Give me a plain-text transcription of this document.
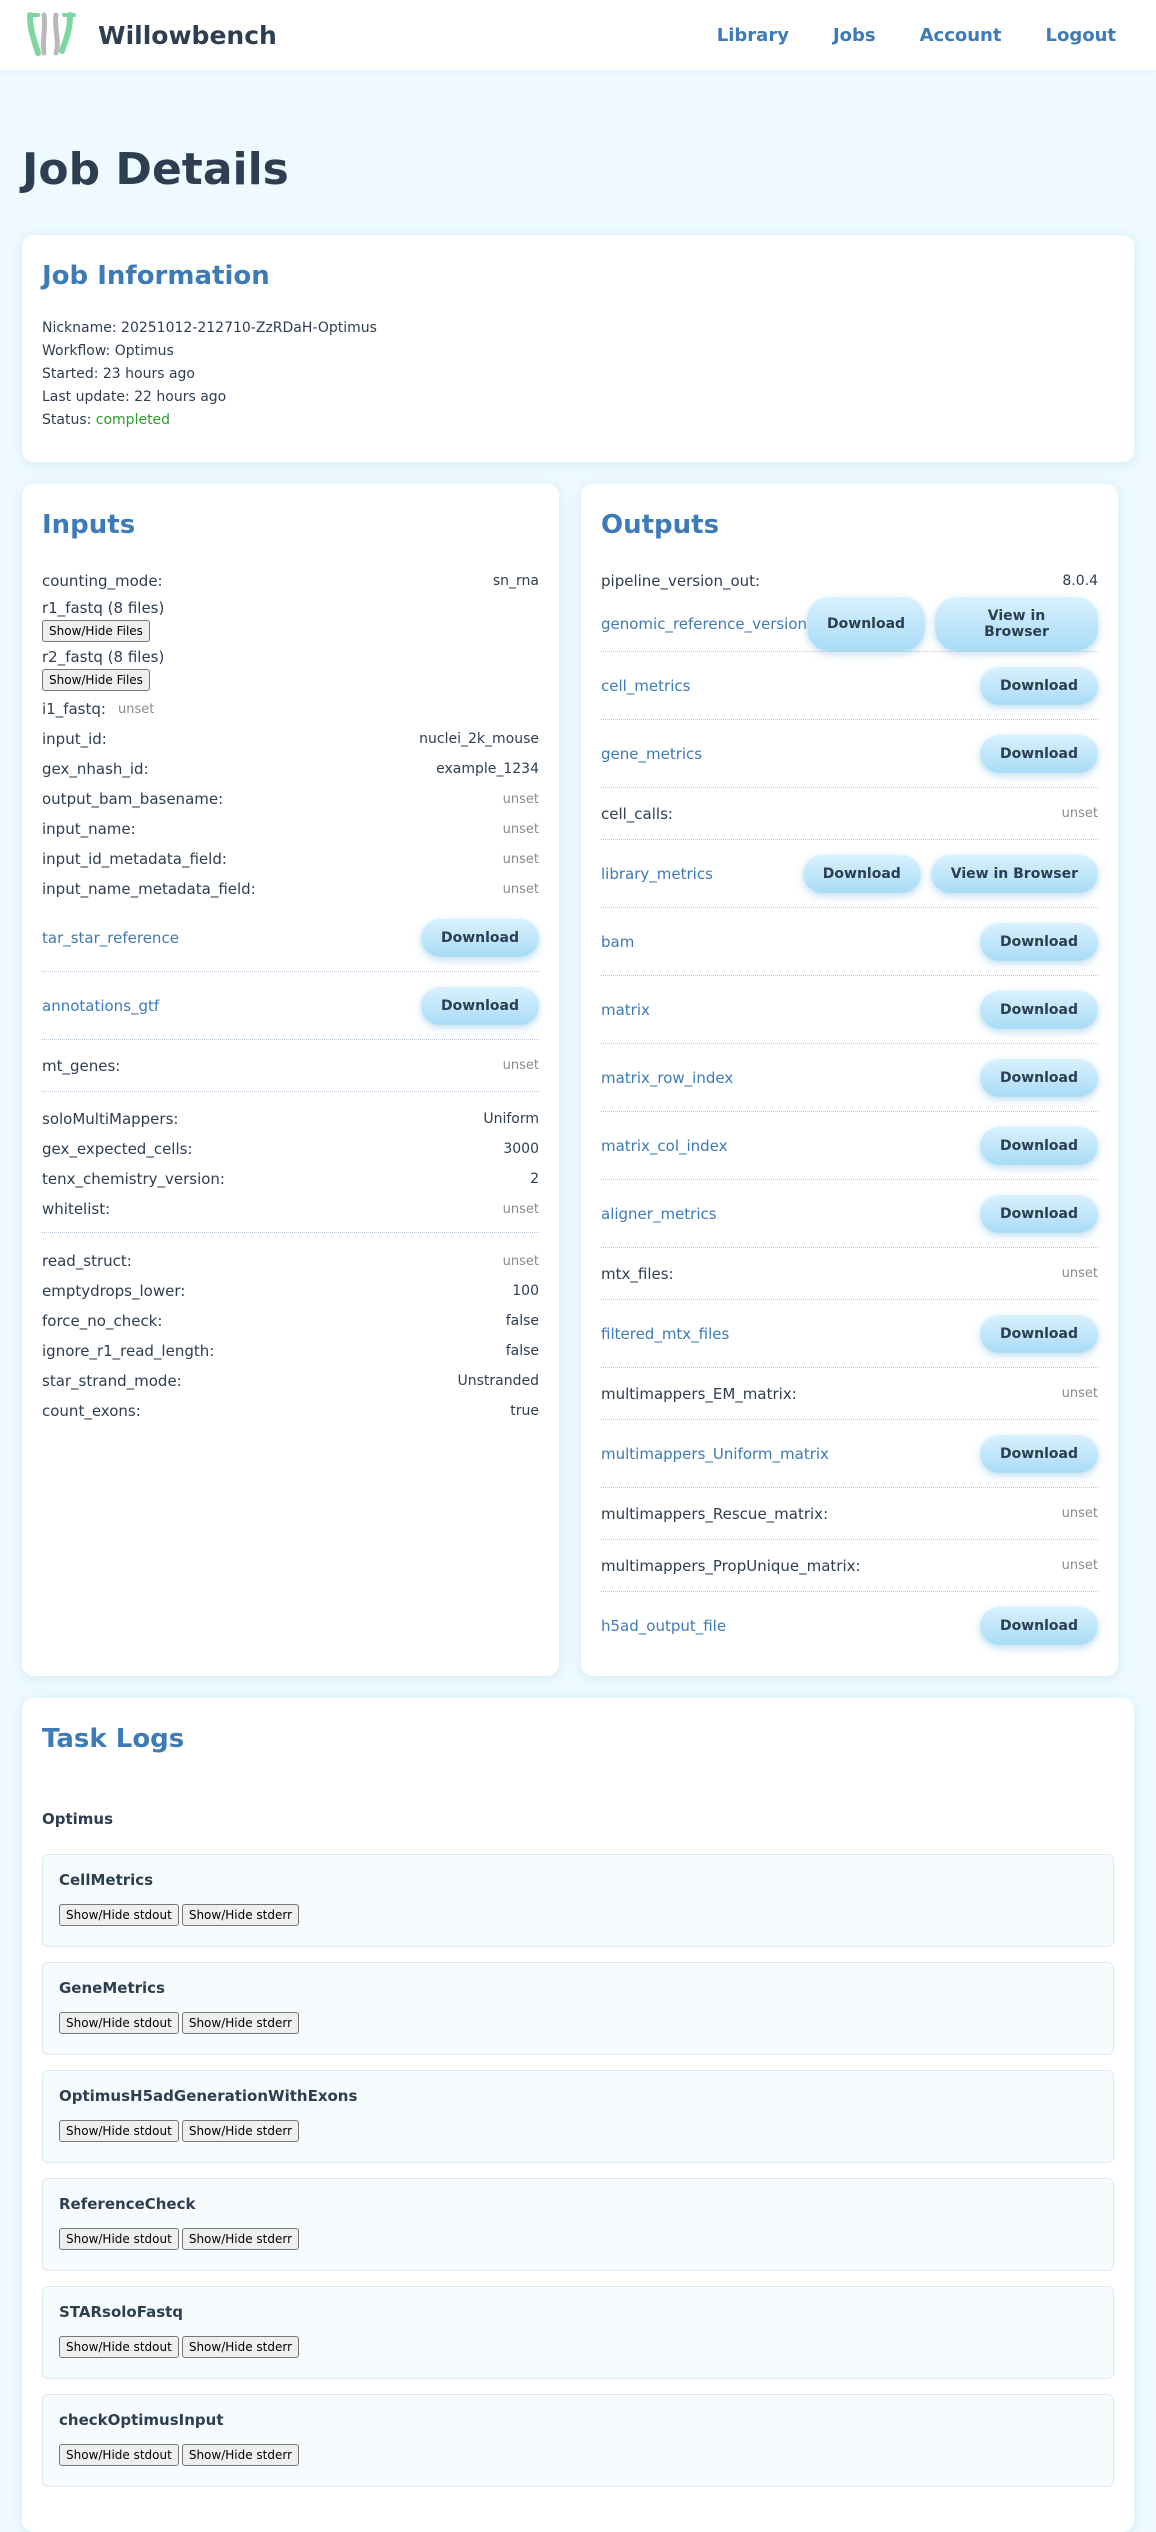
Willowbench	Library Jobs Account Logout
Job Details
Job Information
Nickname: 20251012-212710-ZzRDaH-Optimus
Workflow: Optimus
Started: 23 hours ago
Last update: 22 hours ago
Status: completed
Inputs
counting_mode:	sn_rna
r1_fastq (8 files)
Show/Hide Files
r2_fastq (8 files)
Show/Hide Files
i1_fastq: unset
input_id:	nuclei_2k_mouse
gex_nhash_id:	example_1234
output_bam_basename:	unset
input_name:	unset
input_id_metadata_field:	unset
input_name_metadata_field:	unset
tar_star_reference	Download
annotations_gtf	Download
mt_genes:	unset
soloMultiMappers:	Uniform
gex_expected_cells:	3000
tenx_chemistry_version:	2
whitelist:	unset
read_struct:	unset
emptydrops_lower:	100
force_no_check:	false
ignore_r1_read_length:	false
star_strand_mode:	Unstranded
count_exons:	true
Outputs
pipeline_version_out:	8.0.4
genomic_reference_version	Download	View in Browser
cell_metrics	Download
gene_metrics	Download
cell_calls:	unset
library_metrics	Download	View in Browser
bam	Download
matrix	Download
matrix_row_index	Download
matrix_col_index	Download
aligner_metrics	Download
mtx_files:	unset
filtered_mtx_files	Download
multimappers_EM_matrix:	unset
multimappers_Uniform_matrix	Download
multimappers_Rescue_matrix:	unset
multimappers_PropUnique_matrix:	unset
h5ad_output_file	Download
Task Logs
Optimus
CellMetrics
Show/Hide stdout Show/Hide stderr
GeneMetrics
Show/Hide stdout Show/Hide stderr
OptimusH5adGenerationWithExons
Show/Hide stdout Show/Hide stderr
ReferenceCheck
Show/Hide stdout Show/Hide stderr
STARsoloFastq
Show/Hide stdout Show/Hide stderr
checkOptimusInput
Show/Hide stdout Show/Hide stderr
